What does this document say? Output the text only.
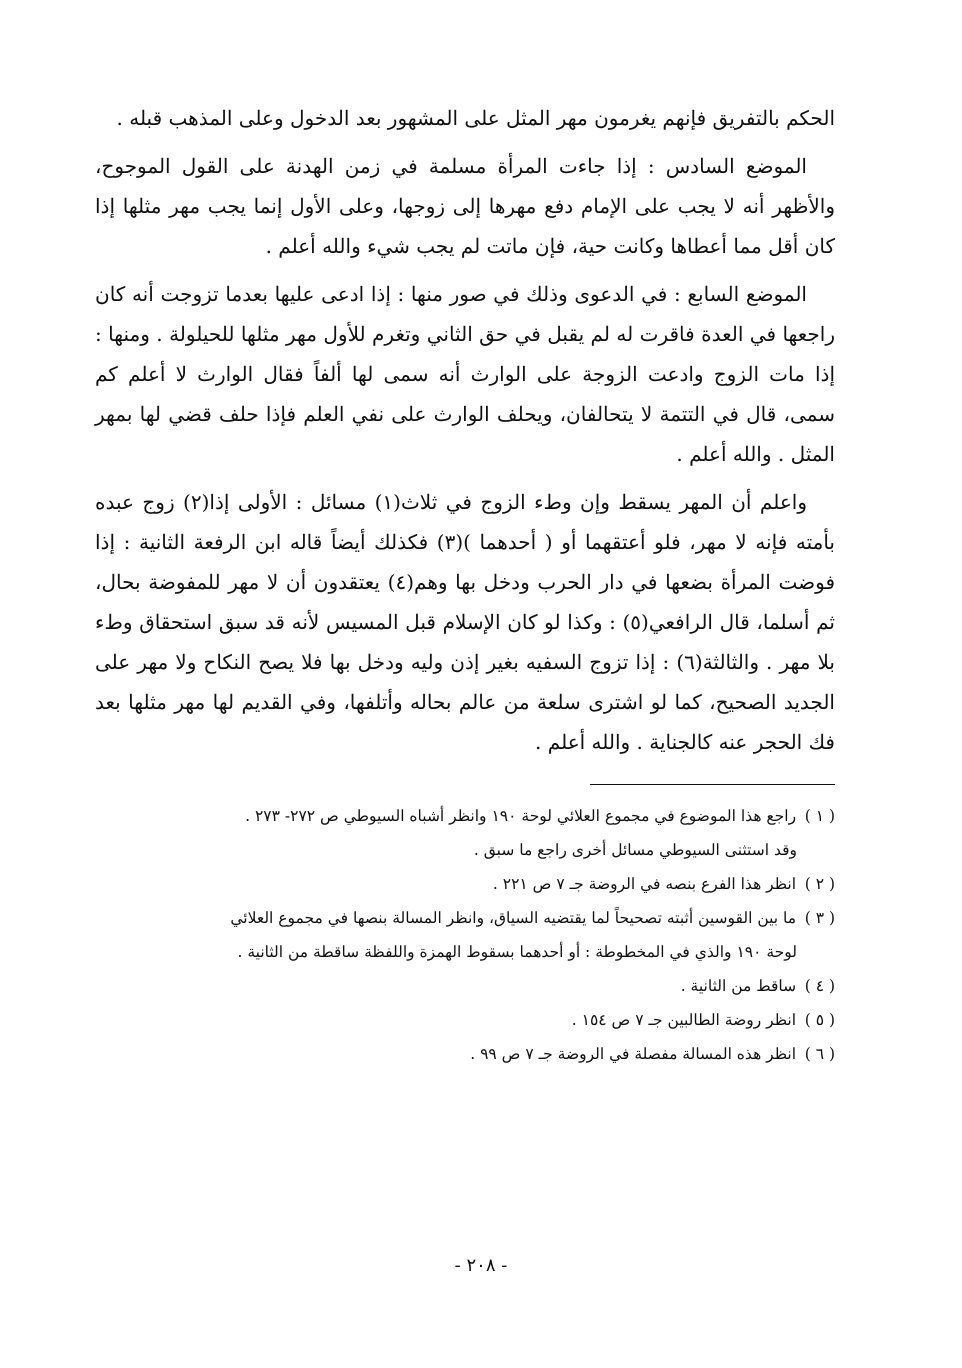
الحكم بالتفريق فإنهم يغرمون مهر المثل على المشهور بعد الدخول وعلى المذهب قبله .

الموضع السادس : إذا جاءت المرأة مسلمة في زمن الهدنة على القول الموجوح، والأظهر أنه لا يجب على الإمام دفع مهرها إلى زوجها، وعلى الأول إنما يجب مهر مثلها إذا كان أقل مما أعطاها وكانت حية، فإن ماتت لم يجب شيء والله أعلم .

الموضع السابع : في الدعوى وذلك في صور منها : إذا ادعى عليها بعدما تزوجت أنه كان راجعها في العدة فاقرت له لم يقبل في حق الثاني وتغرم للأول مهر مثلها للحيلولة . ومنها : إذا مات الزوج وادعت الزوجة على الوارث أنه سمى لها ألفاً فقال الوارث لا أعلم كم سمى، قال في التتمة لا يتحالفان، ويحلف الوارث على نفي العلم فإذا حلف قضي لها بمهر المثل . والله أعلم .

واعلم أن المهر يسقط وإن وطء الزوج في ثلاث(١) مسائل : الأولى إذا(٢) زوج عبده بأمته فإنه لا مهر، فلو أعتقهما أو ( أحدهما )(٣) فكذلك أيضاً قاله ابن الرفعة الثانية : إذا فوضت المرأة بضعها في دار الحرب ودخل بها وهم(٤) يعتقدون أن لا مهر للمفوضة بحال، ثم أسلما، قال الرافعي(٥) : وكذا لو كان الإسلام قبل المسيس لأنه قد سبق استحقاق وطء بلا مهر . والثالثة(٦) : إذا تزوج السفيه بغير إذن وليه ودخل بها فلا يصح النكاح ولا مهر على الجديد الصحيح، كما لو اشترى سلعة من عالم بحاله وأتلفها، وفي القديم لها مهر مثلها بعد فك الحجر عنه كالجناية . والله أعلم .

( ١ ) راجع هذا الموضوع في مجموع العلائي لوحة ١٩٠ وانظر أشباه السيوطي ص ٢٧٢- ٢٧٣ .
وقد استثنى السيوطي مسائل أخرى راجع ما سبق .

( ٢ ) انظر هذا الفرع بنصه في الروضة جـ ٧ ص ٢٢١ .

( ٣ ) ما بين القوسين أثبته تصحيحاً لما يقتضيه السياق، وانظر المسالة بنصها في مجموع العلائي
لوحة ١٩٠ والذي في المخطوطة : أو أحدهما بسقوط الهمزة واللفظة ساقطة من الثانية .

( ٤ ) ساقط من الثانية .

( ٥ ) انظر روضة الطالبين جـ ٧ ص ١٥٤ .

( ٦ ) انظر هذه المسالة مفصلة في الروضة جـ ٧ ص ٩٩ .

- ٢٠٨ -
